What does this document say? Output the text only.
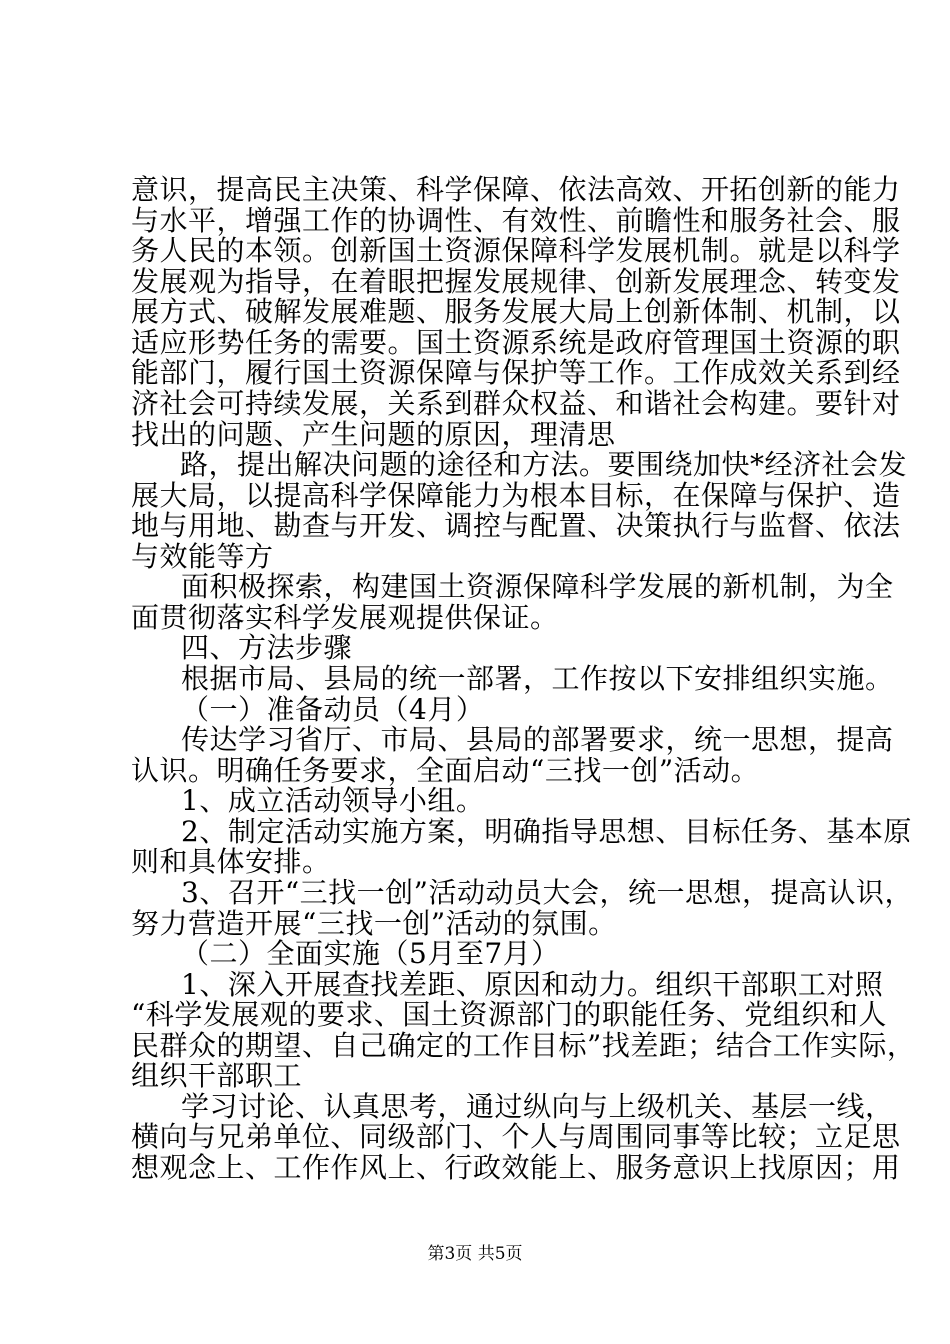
意识，提高民主决策、科学保障、依法高效、开拓创新的能力
与水平，增强工作的协调性、有效性、前瞻性和服务社会、服
务人民的本领。创新国土资源保障科学发展机制。就是以科学
发展观为指导，在着眼把握发展规律、创新发展理念、转变发
展方式、破解发展难题、服务发展大局上创新体制、机制，以
适应形势任务的需要。国土资源系统是政府管理国土资源的职
能部门，履行国土资源保障与保护等工作。工作成效关系到经
济社会可持续发展，关系到群众权益、和谐社会构建。要针对
找出的问题、产生问题的原因，理清思
路，提出解决问题的途径和方法。要围绕加快*经济社会发
展大局，以提高科学保障能力为根本目标，在保障与保护、造
地与用地、勘查与开发、调控与配置、决策执行与监督、依法
与效能等方
面积极探索，构建国土资源保障科学发展的新机制，为全
面贯彻落实科学发展观提供保证。
四、方法步骤
根据市局、县局的统一部署，工作按以下安排组织实施。
（一）准备动员（4月）
传达学习省厅、市局、县局的部署要求，统一思想，提高
认识。明确任务要求，全面启动“三找一创”活动。
1、成立活动领导小组。
2、制定活动实施方案，明确指导思想、目标任务、基本原
则和具体安排。
3、召开“三找一创”活动动员大会，统一思想，提高认识，
努力营造开展“三找一创”活动的氛围。
（二）全面实施（5月至7月）
1、深入开展查找差距、原因和动力。组织干部职工对照
“科学发展观的要求、国土资源部门的职能任务、党组织和人
民群众的期望、自己确定的工作目标”找差距；结合工作实际，
组织干部职工
学习讨论、认真思考，通过纵向与上级机关、基层一线，
横向与兄弟单位、同级部门、个人与周围同事等比较；立足思
想观念上、工作作风上、行政效能上、服务意识上找原因；用
第3页 共5页
